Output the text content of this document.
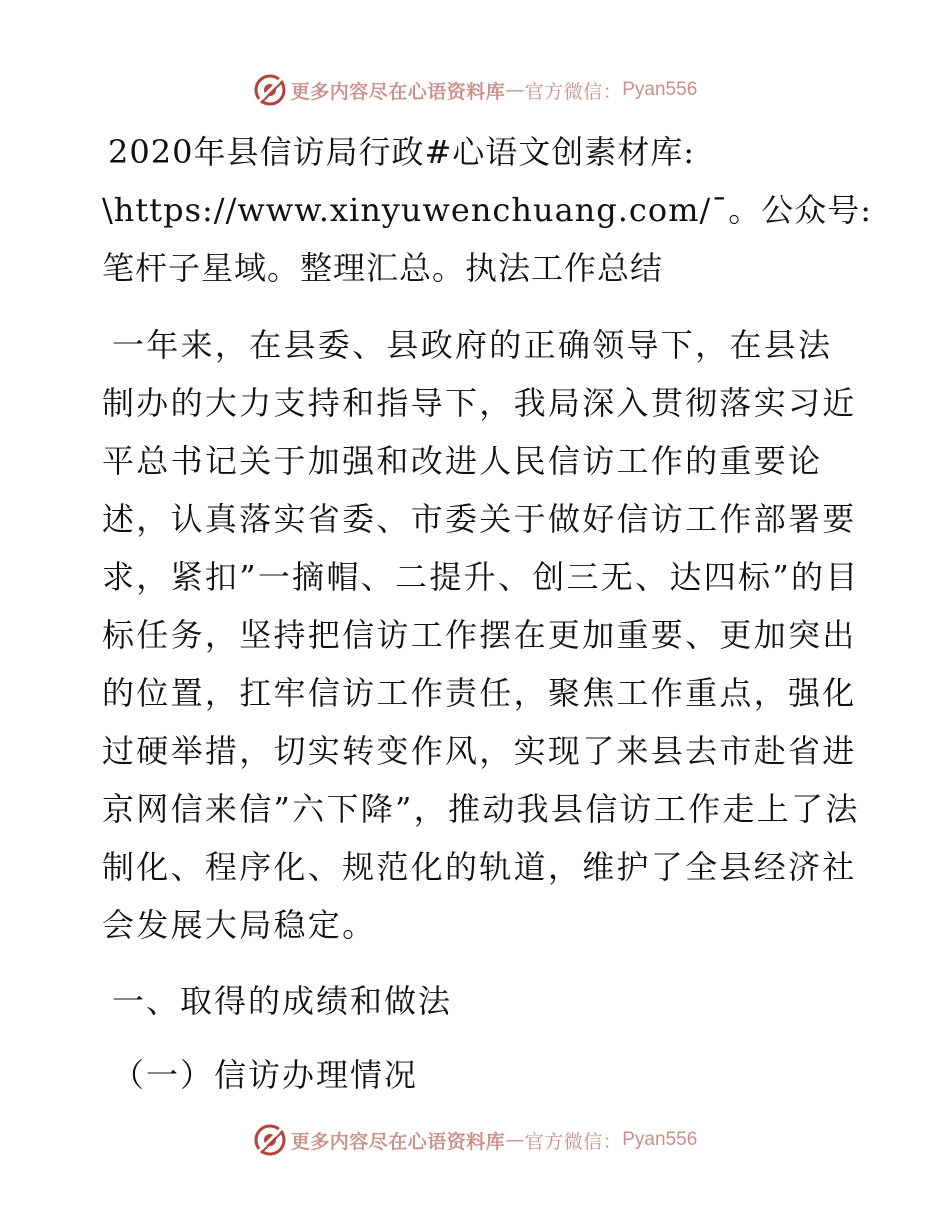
更多内容尽在心语资料库 — 官方微信： Pyan556

2020年县信访局行政#心语文创素材库:

\https://www.xinyuwenchuang.com/¯。公众号:

笔杆子星域。整理汇总。执法工作总结

一年来，在县委、县政府的正确领导下，在县法制办的大力支持和指导下，我局深入贯彻落实习近平总书记关于加强和改进人民信访工作的重要论述，认真落实省委、市委关于做好信访工作部署要求，紧扣”一摘帽、二提升、创三无、达四标”的目标任务，坚持把信访工作摆在更加重要、更加突出的位置，扛牢信访工作责任，聚焦工作重点，强化过硬举措，切实转变作风，实现了来县去市赴省进京网信来信”六下降”，推动我县信访工作走上了法制化、程序化、规范化的轨道，维护了全县经济社会发展大局稳定。

一、取得的成绩和做法

（一）信访办理情况

更多内容尽在心语资料库 — 官方微信： Pyan556
